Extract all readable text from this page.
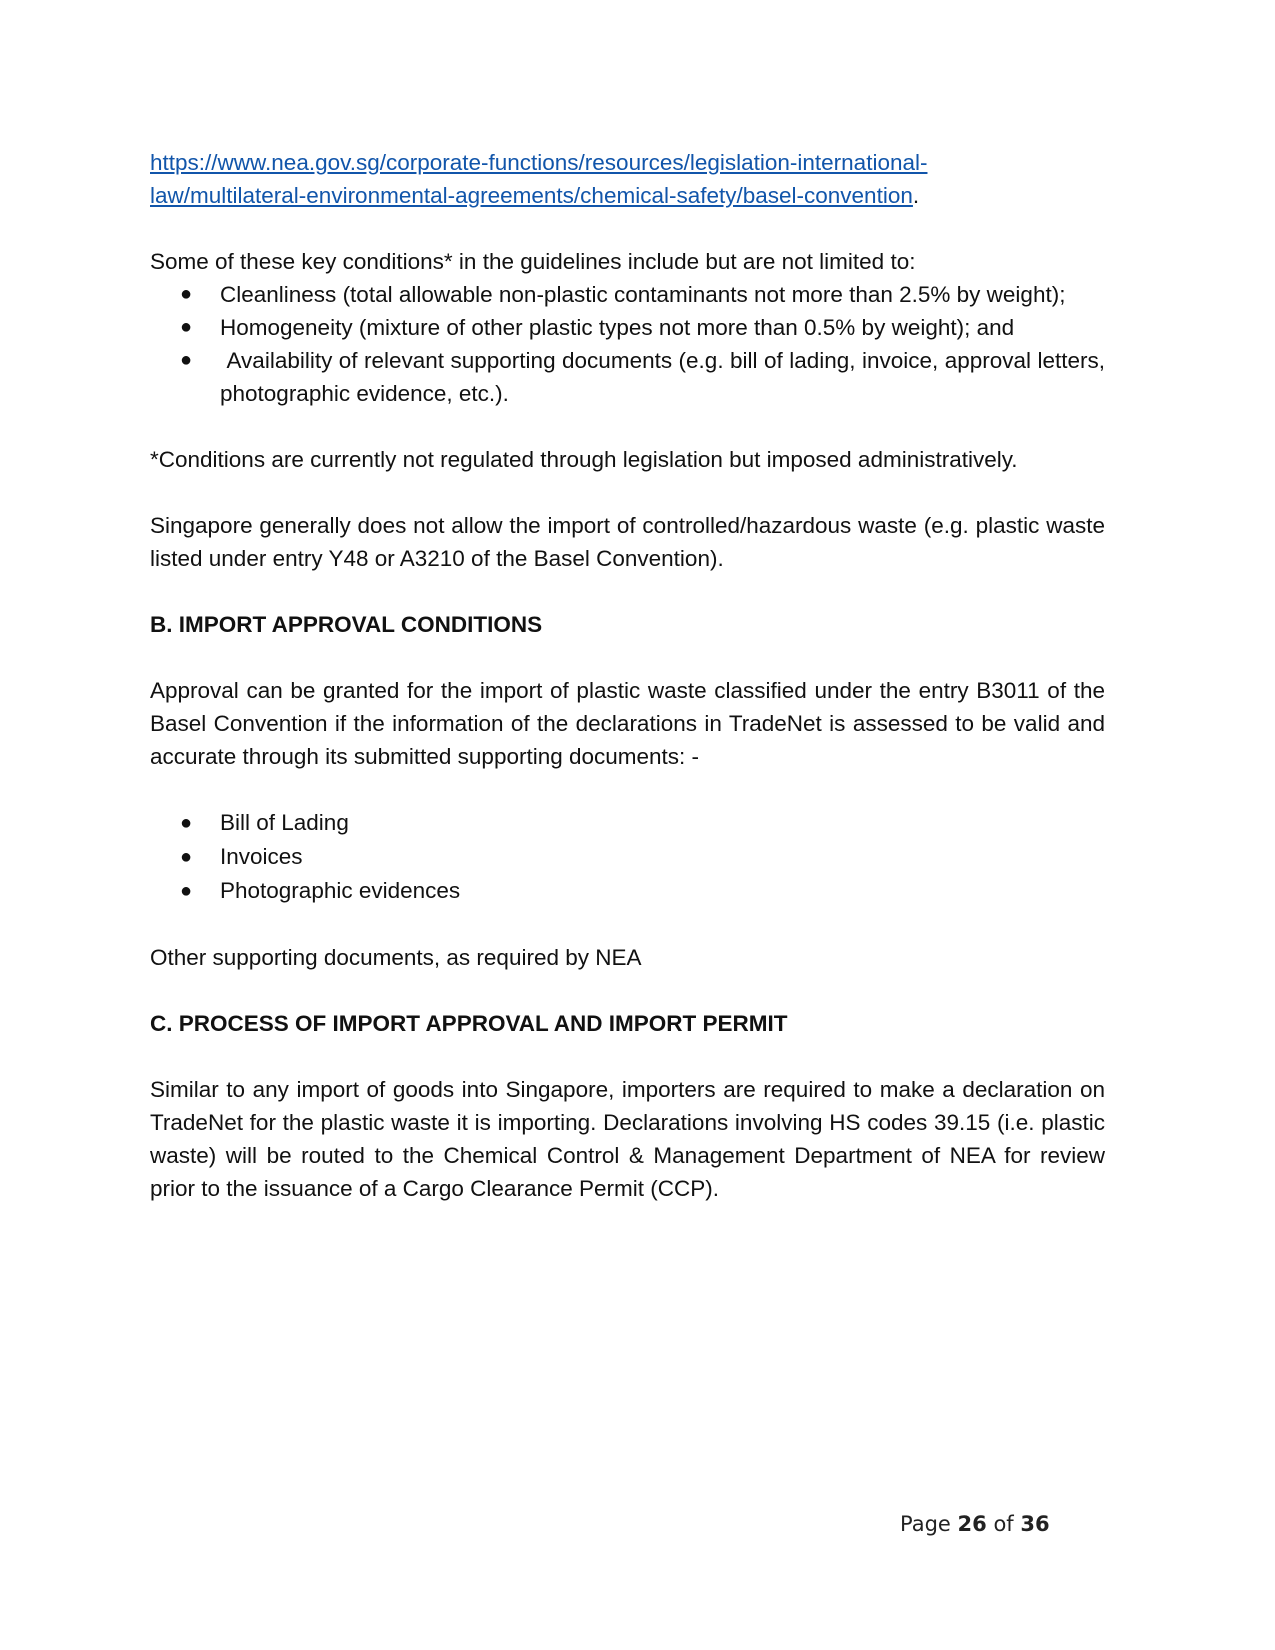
https://www.nea.gov.sg/corporate-functions/resources/legislation-international-
law/multilateral-environmental-agreements/chemical-safety/basel-convention.

Some of these key conditions* in the guidelines include but are not limited to:

● Cleanliness (total allowable non-plastic contaminants not more than 2.5% by weight);
● Homogeneity (mixture of other plastic types not more than 0.5% by weight); and
● Availability of relevant supporting documents (e.g. bill of lading, invoice, approval letters, photographic evidence, etc.).

*Conditions are currently not regulated through legislation but imposed administratively.

Singapore generally does not allow the import of controlled/hazardous waste (e.g. plastic waste listed under entry Y48 or A3210 of the Basel Convention).

B. IMPORT APPROVAL CONDITIONS

Approval can be granted for the import of plastic waste classified under the entry B3011 of the Basel Convention if the information of the declarations in TradeNet is assessed to be valid and accurate through its submitted supporting documents: -

● Bill of Lading
● Invoices
● Photographic evidences

Other supporting documents, as required by NEA

C. PROCESS OF IMPORT APPROVAL AND IMPORT PERMIT

Similar to any import of goods into Singapore, importers are required to make a declaration on TradeNet for the plastic waste it is importing. Declarations involving HS codes 39.15 (i.e. plastic waste) will be routed to the Chemical Control & Management Department of NEA for review prior to the issuance of a Cargo Clearance Permit (CCP).

Page 26 of 36
